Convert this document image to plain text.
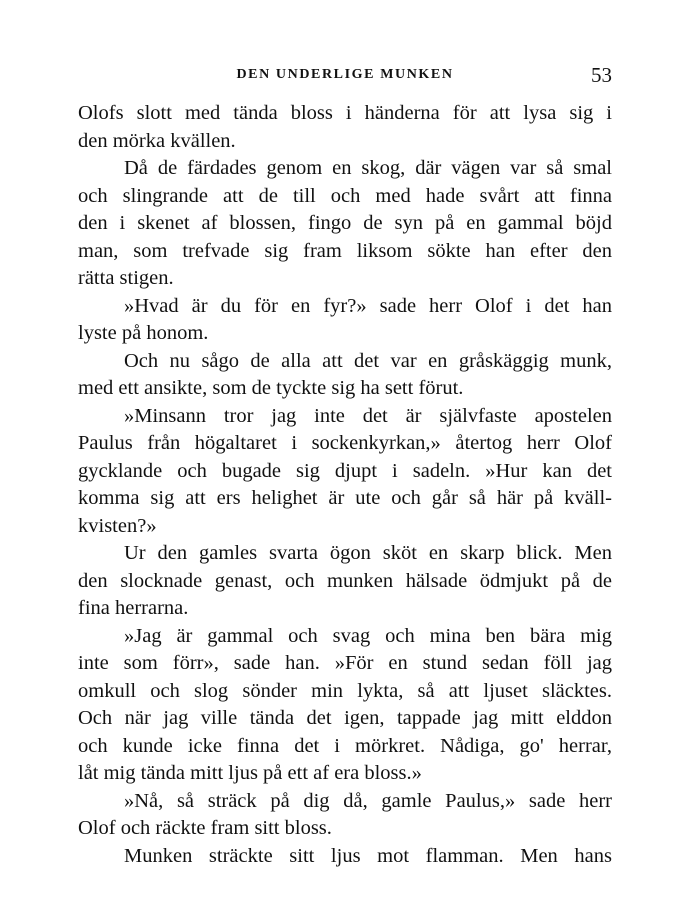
DEN UNDERLIGE MUNKEN	53
Olofs slott med tända bloss i händerna för att lysa sig i
den mörka kvällen.
Då de färdades genom en skog, där vägen var så smal
och slingrande att de till och med hade svårt att finna
den i skenet af blossen, fingo de syn på en gammal böjd
man, som trefvade sig fram liksom sökte han efter den
rätta stigen.
»Hvad är du för en fyr?» sade herr Olof i det han
lyste på honom.
Och nu sågo de alla att det var en gråskäggig munk,
med ett ansikte, som de tyckte sig ha sett förut.
»Minsann tror jag inte det är självfaste apostelen
Paulus från högaltaret i sockenkyrkan,» återtog herr Olof
gycklande och bugade sig djupt i sadeln. »Hur kan det
komma sig att ers helighet är ute och går så här på kväll-
kvisten?»
Ur den gamles svarta ögon sköt en skarp blick. Men
den slocknade genast, och munken hälsade ödmjukt på de
fina herrarna.
»Jag är gammal och svag och mina ben bära mig
inte som förr», sade han. »För en stund sedan föll jag
omkull och slog sönder min lykta, så att ljuset släcktes.
Och när jag ville tända det igen, tappade jag mitt elddon
och kunde icke finna det i mörkret. Nådiga, go' herrar,
låt mig tända mitt ljus på ett af era bloss.»
»Nå, så sträck på dig då, gamle Paulus,» sade herr
Olof och räckte fram sitt bloss.
Munken sträckte sitt ljus mot flamman. Men hans
